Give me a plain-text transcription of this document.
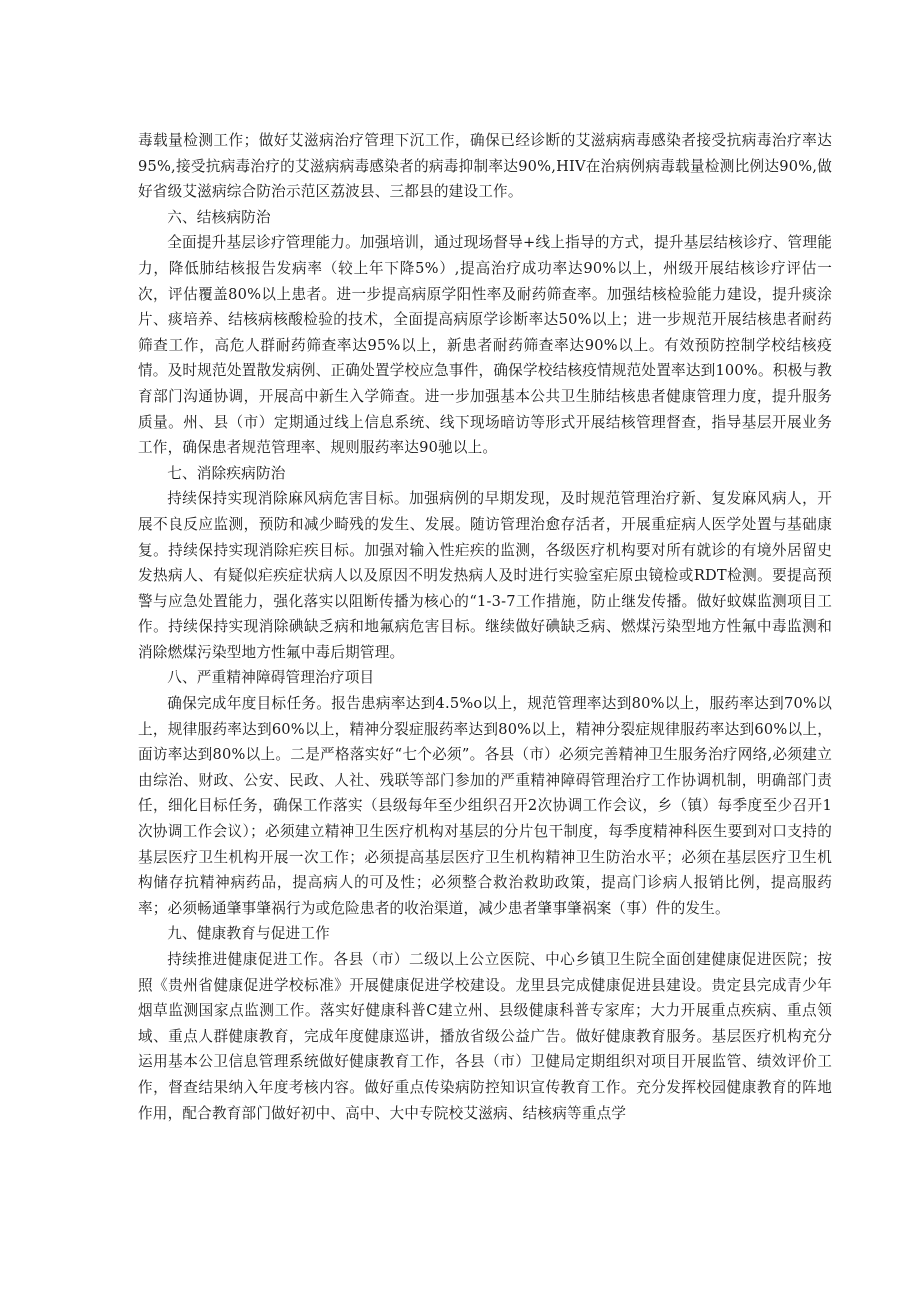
毒载量检测工作；做好艾滋病治疗管理下沉工作，确保已经诊断的艾滋病病毒感染者接受抗病毒治疗率达95%,接受抗病毒治疗的艾滋病病毒感染者的病毒抑制率达90%,HIV在治病例病毒载量检测比例达90%,做好省级艾滋病综合防治示范区荔波县、三都县的建设工作。

六、结核病防治

全面提升基层诊疗管理能力。加强培训，通过现场督导+线上指导的方式，提升基层结核诊疗、管理能力，降低肺结核报告发病率（较上年下降5%）,提高治疗成功率达90%以上，州级开展结核诊疗评估一次，评估覆盖80%以上患者。进一步提高病原学阳性率及耐药筛查率。加强结核检验能力建设，提升痰涂片、痰培养、结核病核酸检验的技术，全面提高病原学诊断率达50%以上；进一步规范开展结核患者耐药筛查工作，高危人群耐药筛查率达95%以上，新患者耐药筛查率达90%以上。有效预防控制学校结核疫情。及时规范处置散发病例、正确处置学校应急事件，确保学校结核疫情规范处置率达到100%。积极与教育部门沟通协调，开展高中新生入学筛查。进一步加强基本公共卫生肺结核患者健康管理力度，提升服务质量。州、县（市）定期通过线上信息系统、线下现场暗访等形式开展结核管理督查，指导基层开展业务工作，确保患者规范管理率、规则服药率达90驰以上。

七、消除疾病防治

持续保持实现消除麻风病危害目标。加强病例的早期发现，及时规范管理治疗新、复发麻风病人，开展不良反应监测，预防和减少畸残的发生、发展。随访管理治愈存活者，开展重症病人医学处置与基础康复。持续保持实现消除疟疾目标。加强对输入性疟疾的监测，各级医疗机构要对所有就诊的有境外居留史发热病人、有疑似疟疾症状病人以及原因不明发热病人及时进行实验室疟原虫镜检或RDT检测。要提高预警与应急处置能力，强化落实以阻断传播为核心的“1-3-7工作措施，防止继发传播。做好蚊媒监测项目工作。持续保持实现消除碘缺乏病和地氟病危害目标。继续做好碘缺乏病、燃煤污染型地方性氟中毒监测和消除燃煤污染型地方性氟中毒后期管理。

八、严重精神障碍管理治疗项目

确保完成年度目标任务。报告患病率达到4.5%o以上，规范管理率达到80%以上，服药率达到70%以上，规律服药率达到60%以上，精神分裂症服药率达到80%以上，精神分裂症规律服药率达到60%以上，面访率达到80%以上。二是严格落实好“七个必须”。各县（市）必须完善精神卫生服务治疗网络,必须建立由综治、财政、公安、民政、人社、残联等部门参加的严重精神障碍管理治疗工作协调机制，明确部门责任，细化目标任务，确保工作落实（县级每年至少组织召开2次协调工作会议，乡（镇）每季度至少召开1次协调工作会议）；必须建立精神卫生医疗机构对基层的分片包干制度，每季度精神科医生要到对口支持的基层医疗卫生机构开展一次工作；必须提高基层医疗卫生机构精神卫生防治水平；必须在基层医疗卫生机构储存抗精神病药品，提高病人的可及性；必须整合救治救助政策，提高门诊病人报销比例，提高服药率；必须畅通肇事肇祸行为或危险患者的收治渠道，减少患者肇事肇祸案（事）件的发生。

九、健康教育与促进工作

持续推进健康促进工作。各县（市）二级以上公立医院、中心乡镇卫生院全面创建健康促进医院；按照《贵州省健康促进学校标准》开展健康促进学校建设。龙里县完成健康促进县建设。贵定县完成青少年烟草监测国家点监测工作。落实好健康科普C建立州、县级健康科普专家库；大力开展重点疾病、重点领域、重点人群健康教育，完成年度健康巡讲，播放省级公益广告。做好健康教育服务。基层医疗机构充分运用基本公卫信息管理系统做好健康教育工作，各县（市）卫健局定期组织对项目开展监管、绩效评价工作，督查结果纳入年度考核内容。做好重点传染病防控知识宣传教育工作。充分发挥校园健康教育的阵地作用，配合教育部门做好初中、高中、大中专院校艾滋病、结核病等重点学
